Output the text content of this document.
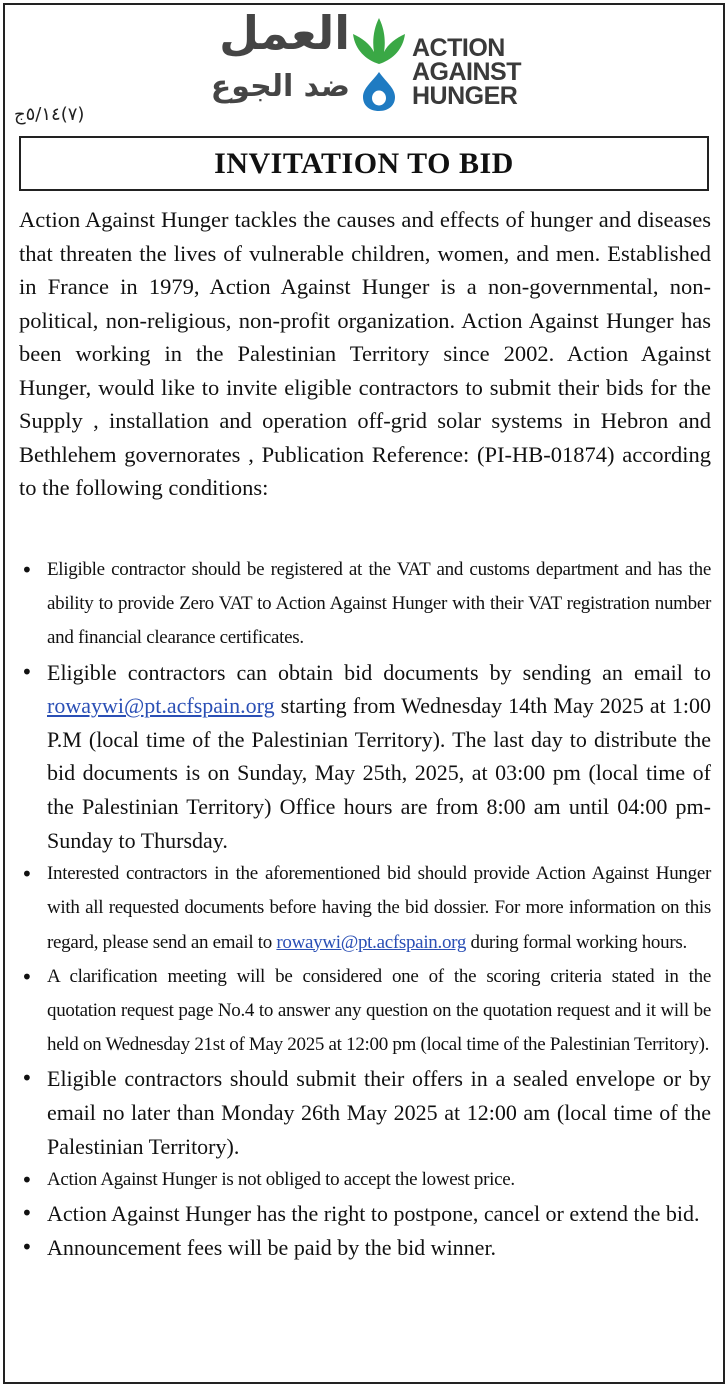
العمل
ضد الجوع
ACTION
AGAINST
HUNGER
(٧)٥/١٤ج
INVITATION TO BID

Action Against Hunger tackles the causes and effects of hunger and diseases that threaten the lives of vulnerable children, women, and men. Established in France in 1979, Action Against Hunger is a non-governmental, non-political, non-religious, non-profit organization. Action Against Hunger has been working in the Palestinian Territory since 2002. Action Against Hunger, would like to invite eligible contractors to submit their bids for the Supply , installation and operation off-grid solar systems in Hebron and Bethlehem governorates , Publication Reference: (PI-HB-01874) according to the following conditions:

• Eligible contractor should be registered at the VAT and customs department and has the ability to provide Zero VAT to Action Against Hunger with their VAT registration number and financial clearance certificates.
• Eligible contractors can obtain bid documents by sending an email to rowaywi@pt.acfspain.org starting from Wednesday 14th May 2025 at 1:00 P.M (local time of the Palestinian Territory). The last day to distribute the bid documents is on Sunday, May 25th, 2025, at 03:00 pm (local time of the Palestinian Territory) Office hours are from 8:00 am until 04:00 pm- Sunday to Thursday.
• Interested contractors in the aforementioned bid should provide Action Against Hunger with all requested documents before having the bid dossier. For more information on this regard, please send an email to rowaywi@pt.acfspain.org during formal working hours.
• A clarification meeting will be considered one of the scoring criteria stated in the quotation request page No.4 to answer any question on the quotation request and it will be held on Wednesday 21st of May 2025 at 12:00 pm (local time of the Palestinian Territory).
• Eligible contractors should submit their offers in a sealed envelope or by email no later than Monday 26th May 2025 at 12:00 am (local time of the Palestinian Territory).
• Action Against Hunger is not obliged to accept the lowest price.
• Action Against Hunger has the right to postpone, cancel or extend the bid.
• Announcement fees will be paid by the bid winner.
